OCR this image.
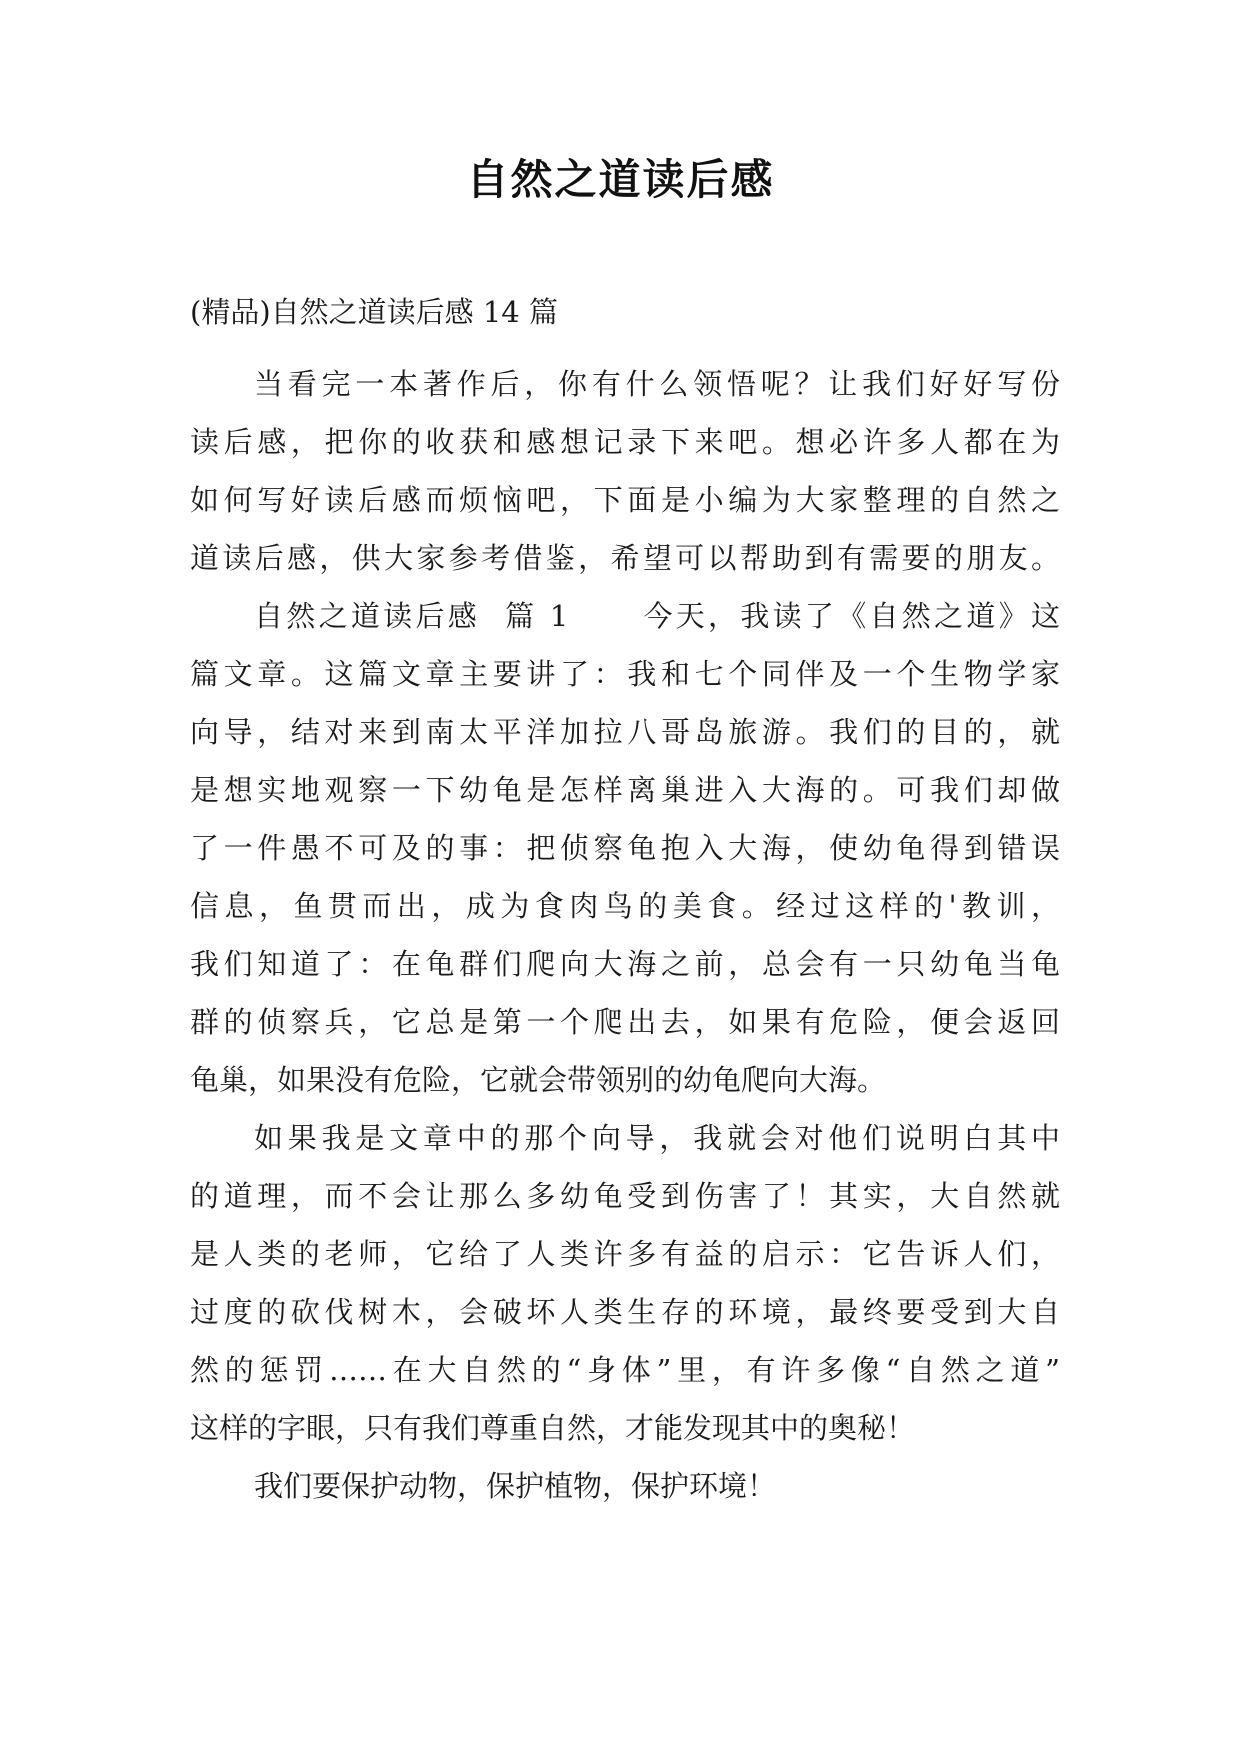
自然之道读后感
(精品)自然之道读后感 14 篇
当看完一本著作后，你有什么领悟呢？让我们好好写份
读后感，把你的收获和感想记录下来吧。想必许多人都在为
如何写好读后感而烦恼吧，下面是小编为大家整理的自然之
道读后感，供大家参考借鉴，希望可以帮助到有需要的朋友。
自然之道读后感  篇 1      今天，我读了《自然之道》这
篇文章。这篇文章主要讲了：我和七个同伴及一个生物学家
向导，结对来到南太平洋加拉八哥岛旅游。我们的目的，就
是想实地观察一下幼龟是怎样离巢进入大海的。可我们却做
了一件愚不可及的事：把侦察龟抱入大海，使幼龟得到错误
信息，鱼贯而出，成为食肉鸟的美食。经过这样的'教训，
我们知道了：在龟群们爬向大海之前，总会有一只幼龟当龟
群的侦察兵，它总是第一个爬出去，如果有危险，便会返回
龟巢，如果没有危险，它就会带领别的幼龟爬向大海。
如果我是文章中的那个向导，我就会对他们说明白其中
的道理，而不会让那么多幼龟受到伤害了！其实，大自然就
是人类的老师，它给了人类许多有益的启示：它告诉人们，
过度的砍伐树木，会破坏人类生存的环境，最终要受到大自
然的惩罚……在大自然的“身体”里，有许多像“自然之道”
这样的字眼，只有我们尊重自然，才能发现其中的奥秘！
我们要保护动物，保护植物，保护环境！
